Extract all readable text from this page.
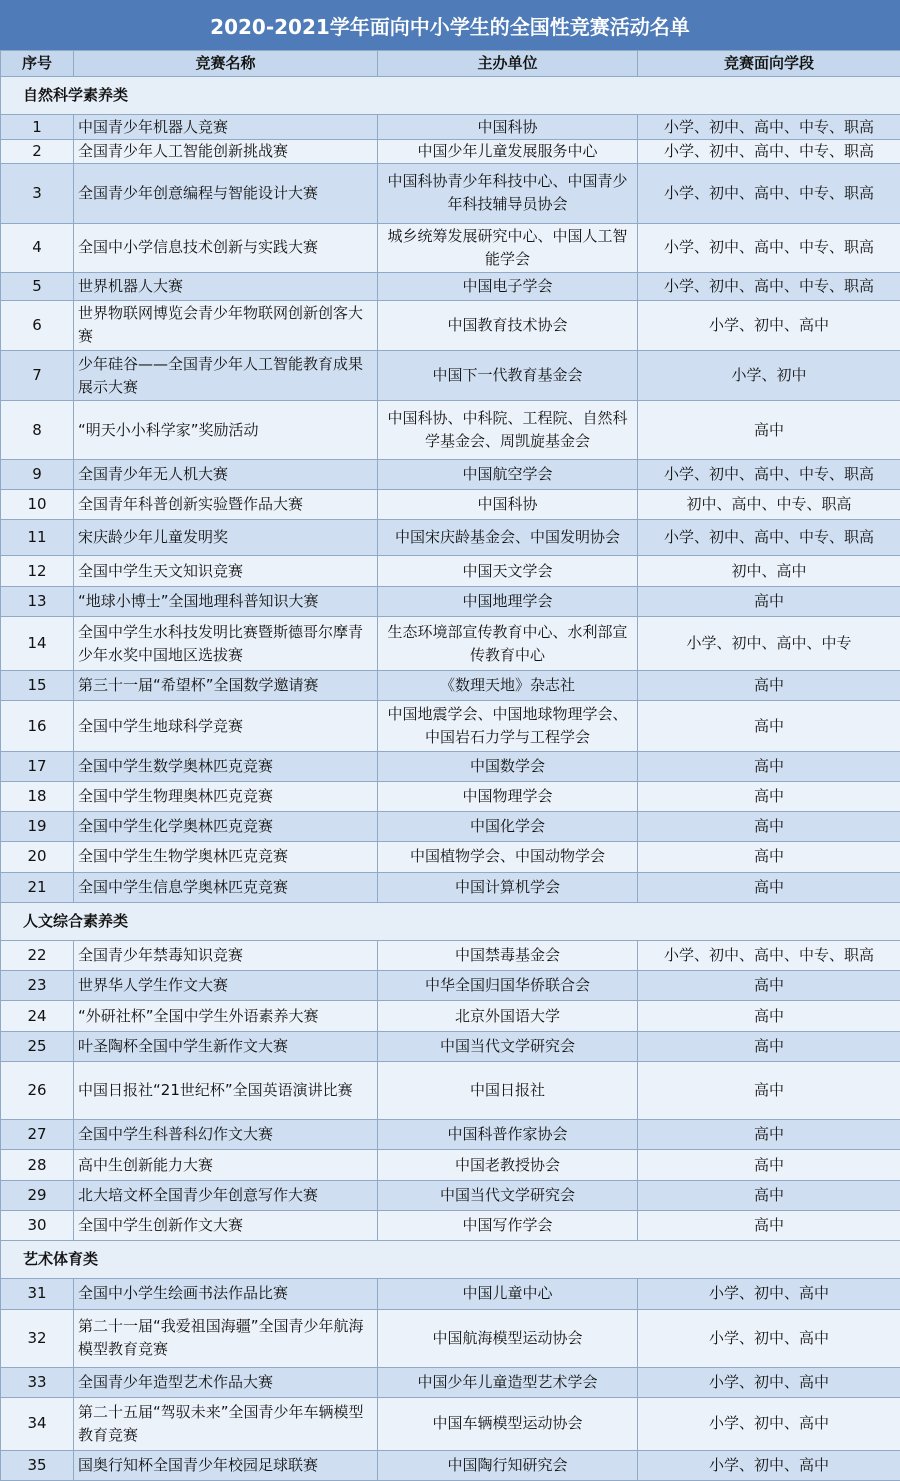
2020-2021学年面向中小学生的全国性竞赛活动名单
序号	竞赛名称	主办单位	竞赛面向学段
自然科学素养类			
1	中国青少年机器人竞赛	中国科协	小学、初中、高中、中专、职高
2	全国青少年人工智能创新挑战赛	中国少年儿童发展服务中心	小学、初中、高中、中专、职高
3	全国青少年创意编程与智能设计大赛	中国科协青少年科技中心、中国青少年科技辅导员协会	小学、初中、高中、中专、职高
4	全国中小学信息技术创新与实践大赛	城乡统筹发展研究中心、中国人工智能学会	小学、初中、高中、中专、职高
5	世界机器人大赛	中国电子学会	小学、初中、高中、中专、职高
6	世界物联网博览会青少年物联网创新创客大赛	中国教育技术协会	小学、初中、高中
7	少年硅谷——全国青少年人工智能教育成果展示大赛	中国下一代教育基金会	小学、初中
8	“明天小小科学家”奖励活动	中国科协、中科院、工程院、自然科学基金会、周凯旋基金会	高中
9	全国青少年无人机大赛	中国航空学会	小学、初中、高中、中专、职高
10	全国青年科普创新实验暨作品大赛	中国科协	初中、高中、中专、职高
11	宋庆龄少年儿童发明奖	中国宋庆龄基金会、中国发明协会	小学、初中、高中、中专、职高
12	全国中学生天文知识竞赛	中国天文学会	初中、高中
13	“地球小博士”全国地理科普知识大赛	中国地理学会	高中
14	全国中学生水科技发明比赛暨斯德哥尔摩青少年水奖中国地区选拔赛	生态环境部宣传教育中心、水利部宣传教育中心	小学、初中、高中、中专
15	第三十一届“希望杯”全国数学邀请赛	《数理天地》杂志社	高中
16	全国中学生地球科学竞赛	中国地震学会、中国地球物理学会、中国岩石力学与工程学会	高中
17	全国中学生数学奥林匹克竞赛	中国数学会	高中
18	全国中学生物理奥林匹克竞赛	中国物理学会	高中
19	全国中学生化学奥林匹克竞赛	中国化学会	高中
20	全国中学生生物学奥林匹克竞赛	中国植物学会、中国动物学会	高中
21	全国中学生信息学奥林匹克竞赛	中国计算机学会	高中
人文综合素养类			
22	全国青少年禁毒知识竞赛	中国禁毒基金会	小学、初中、高中、中专、职高
23	世界华人学生作文大赛	中华全国归国华侨联合会	高中
24	“外研社杯”全国中学生外语素养大赛	北京外国语大学	高中
25	叶圣陶杯全国中学生新作文大赛	中国当代文学研究会	高中
26	中国日报社“21世纪杯”全国英语演讲比赛	中国日报社	高中
27	全国中学生科普科幻作文大赛	中国科普作家协会	高中
28	高中生创新能力大赛	中国老教授协会	高中
29	北大培文杯全国青少年创意写作大赛	中国当代文学研究会	高中
30	全国中学生创新作文大赛	中国写作学会	高中
艺术体育类			
31	全国中小学生绘画书法作品比赛	中国儿童中心	小学、初中、高中
32	第二十一届“我爱祖国海疆”全国青少年航海模型教育竞赛	中国航海模型运动协会	小学、初中、高中
33	全国青少年造型艺术作品大赛	中国少年儿童造型艺术学会	小学、初中、高中
34	第二十五届“驾驭未来”全国青少年车辆模型教育竞赛	中国车辆模型运动协会	小学、初中、高中
35	国奥行知杯全国青少年校园足球联赛	中国陶行知研究会	小学、初中、高中
